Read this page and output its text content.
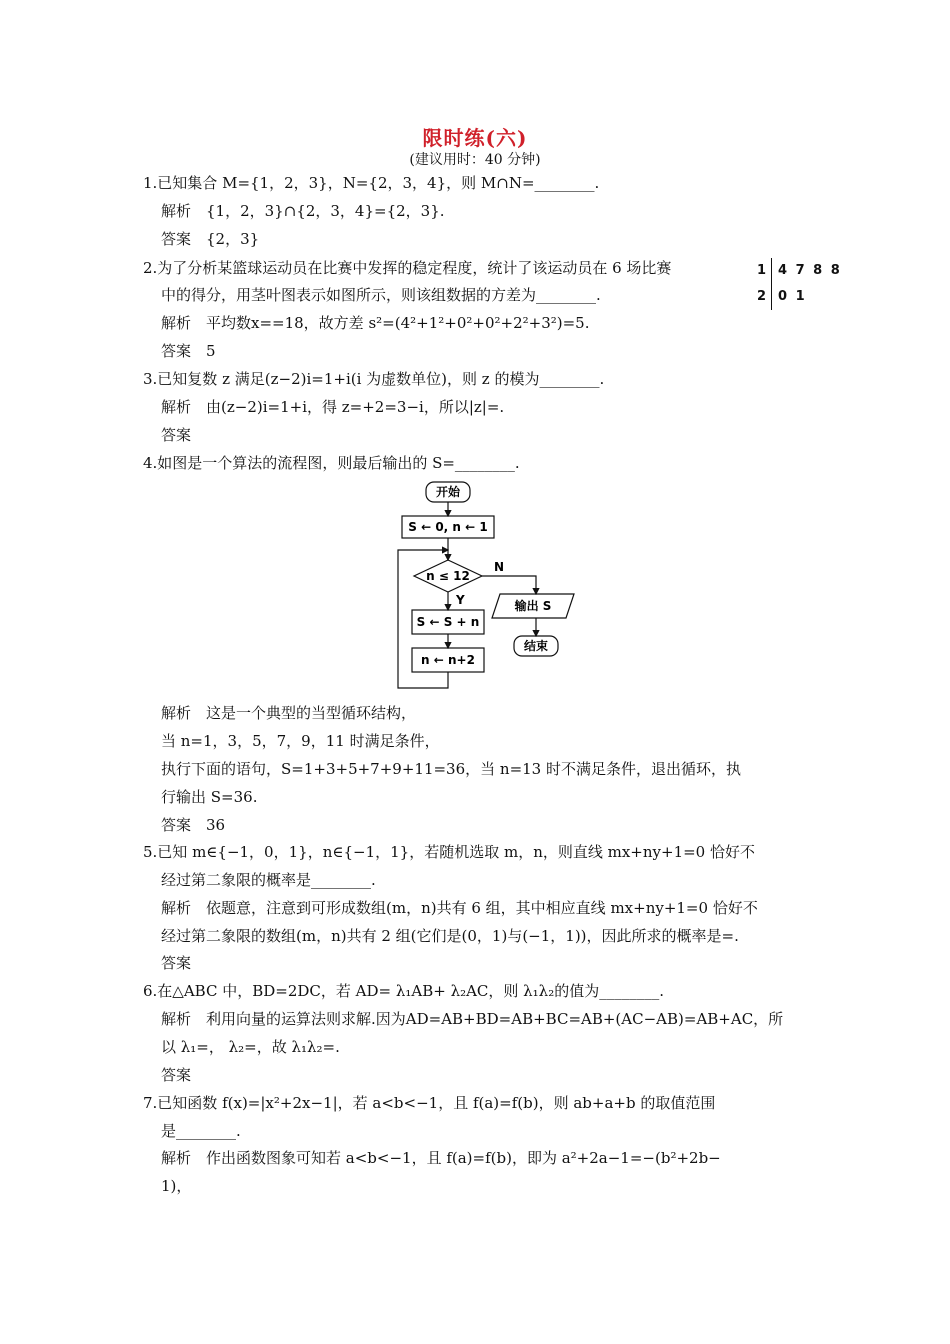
限时练(六)
(建议用时：40 分钟)
1.已知集合 M={1，2，3}，N={2，3，4}，则 M∩N=________.
解析　{1，2，3}∩{2，3，4}={2，3}.
答案　{2，3}
2.为了分析某篮球运动员在比赛中发挥的稳定程度，统计了该运动员在 6 场比赛
中的得分，用茎叶图表示如图所示，则该组数据的方差为________.
解析　平均数x==18，故方差 s²=(4²+1²+0²+0²+2²+3²)=5.
答案　5
1 4 7 8 8
2 0 1
3.已知复数 z 满足(z−2)i=1+i(i 为虚数单位)，则 z 的模为________.
解析　由(z−2)i=1+i，得 z=+2=3−i，所以|z|=.
答案
4.如图是一个算法的流程图，则最后输出的 S=________.
开始
S ← 0, n ← 1
n ≤ 12
Y
N
S ← S + n
n ← n+2
输出 S
结束
解析　这是一个典型的当型循环结构，
当 n=1，3，5，7，9，11 时满足条件，
执行下面的语句，S=1+3+5+7+9+11=36，当 n=13 时不满足条件，退出循环，执
行输出 S=36.
答案　36
5.已知 m∈{−1，0，1}，n∈{−1，1}，若随机选取 m，n，则直线 mx+ny+1=0 恰好不
经过第二象限的概率是________.
解析　依题意，注意到可形成数组(m，n)共有 6 组，其中相应直线 mx+ny+1=0 恰好不
经过第二象限的数组(m，n)共有 2 组(它们是(0，1)与(−1，1))，因此所求的概率是=.
答案
6.在△ABC 中，BD=2DC，若 AD= λ₁AB+ λ₂AC，则 λ₁λ₂的值为________.
解析　利用向量的运算法则求解.因为AD=AB+BD=AB+BC=AB+(AC−AB)=AB+AC，所
以 λ₁=， λ₂=，故 λ₁λ₂=.
答案
7.已知函数 f(x)=|x²+2x−1|，若 a<b<−1，且 f(a)=f(b)，则 ab+a+b 的取值范围
是________.
解析　作出函数图象可知若 a<b<−1，且 f(a)=f(b)，即为 a²+2a−1=−(b²+2b−
1)，
